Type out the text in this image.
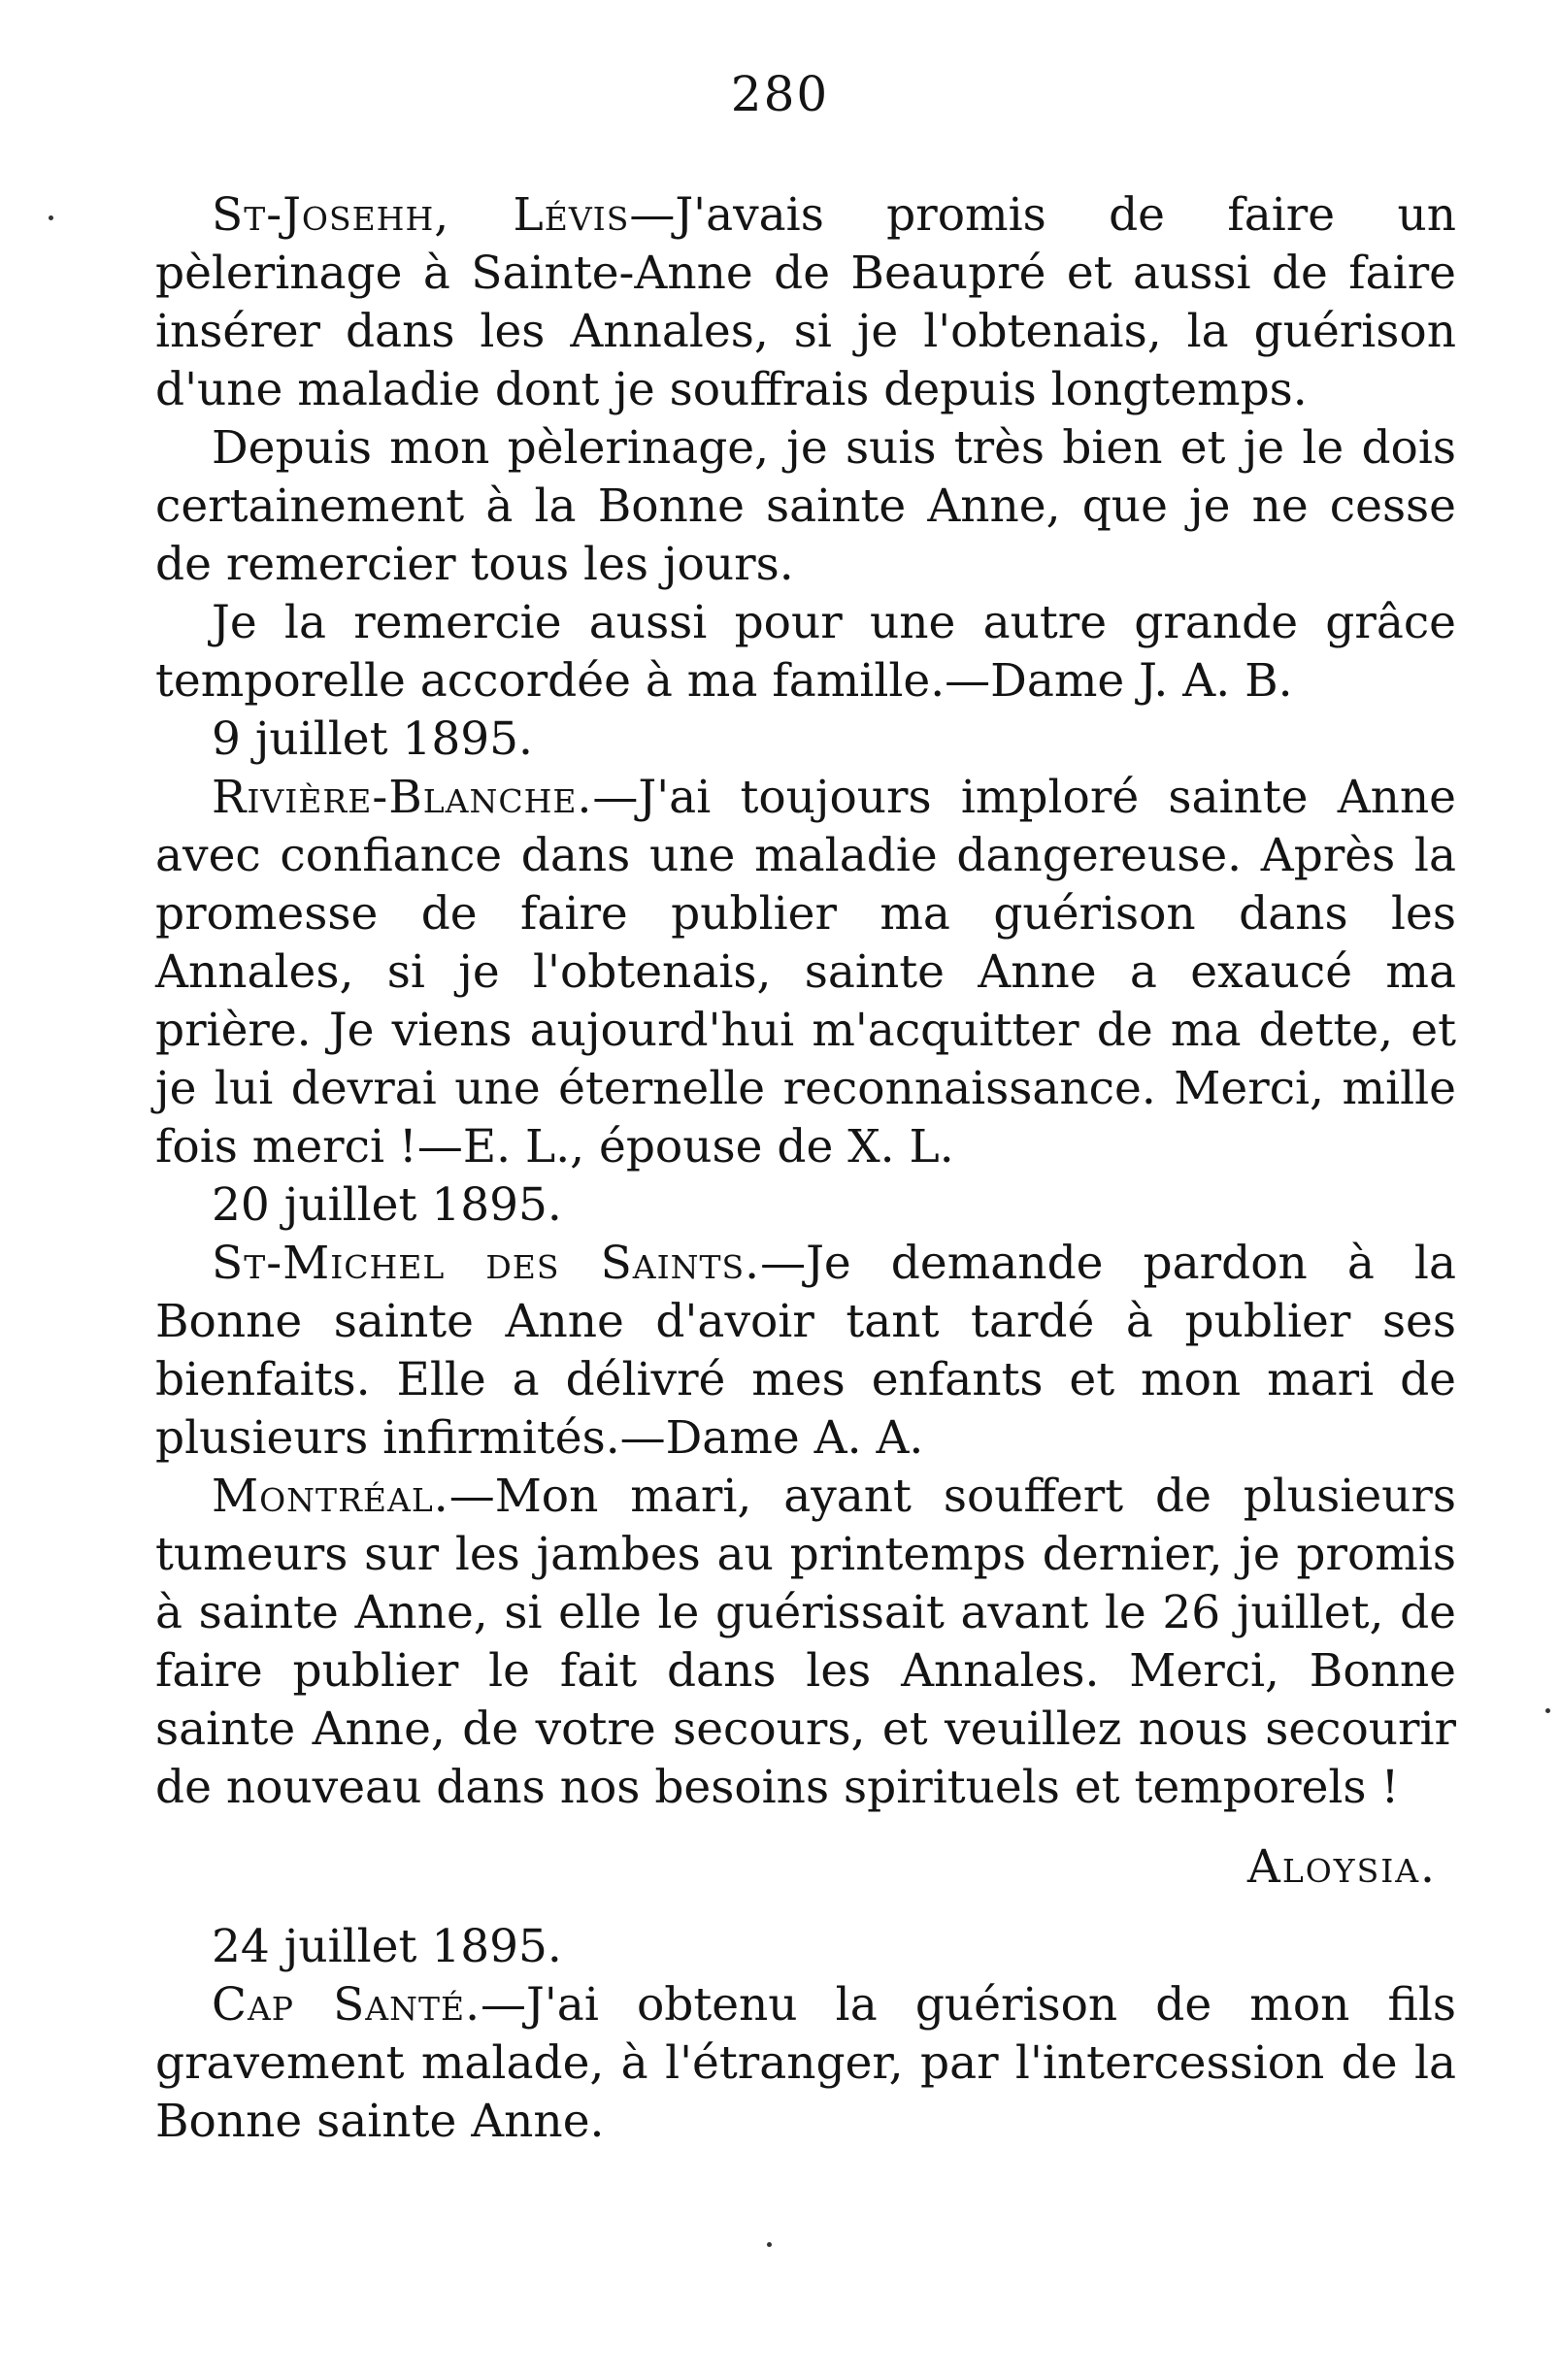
280

St-Josehh, Lévis—J'avais promis de faire un pèlerinage à Sainte-Anne de Beaupré et aussi de faire insérer dans les Annales, si je l'obtenais, la guérison d'une maladie dont je souffrais depuis longtemps.

Depuis mon pèlerinage, je suis très bien et je le dois certainement à la Bonne sainte Anne, que je ne cesse de remercier tous les jours.

Je la remercie aussi pour une autre grande grâce temporelle accordée à ma famille.—Dame J. A. B.

9 juillet 1895.

Rivière-Blanche.—J'ai toujours imploré sainte Anne avec confiance dans une maladie dangereuse. Après la promesse de faire publier ma guérison dans les Annales, si je l'obtenais, sainte Anne a exaucé ma prière. Je viens aujourd'hui m'acquitter de ma dette, et je lui devrai une éternelle reconnaissance. Merci, mille fois merci !—E. L., épouse de X. L.

20 juillet 1895.

St-Michel des Saints.—Je demande pardon à la Bonne sainte Anne d'avoir tant tardé à publier ses bienfaits. Elle a délivré mes enfants et mon mari de plusieurs infirmités.—Dame A. A.

Montréal.—Mon mari, ayant souffert de plusieurs tumeurs sur les jambes au printemps dernier, je promis à sainte Anne, si elle le guérissait avant le 26 juillet, de faire publier le fait dans les Annales. Merci, Bonne sainte Anne, de votre secours, et veuillez nous secourir de nouveau dans nos besoins spirituels et temporels !

Aloysia.

24 juillet 1895.

Cap Santé.—J'ai obtenu la guérison de mon fils gravement malade, à l'étranger, par l'intercession de la Bonne sainte Anne.
